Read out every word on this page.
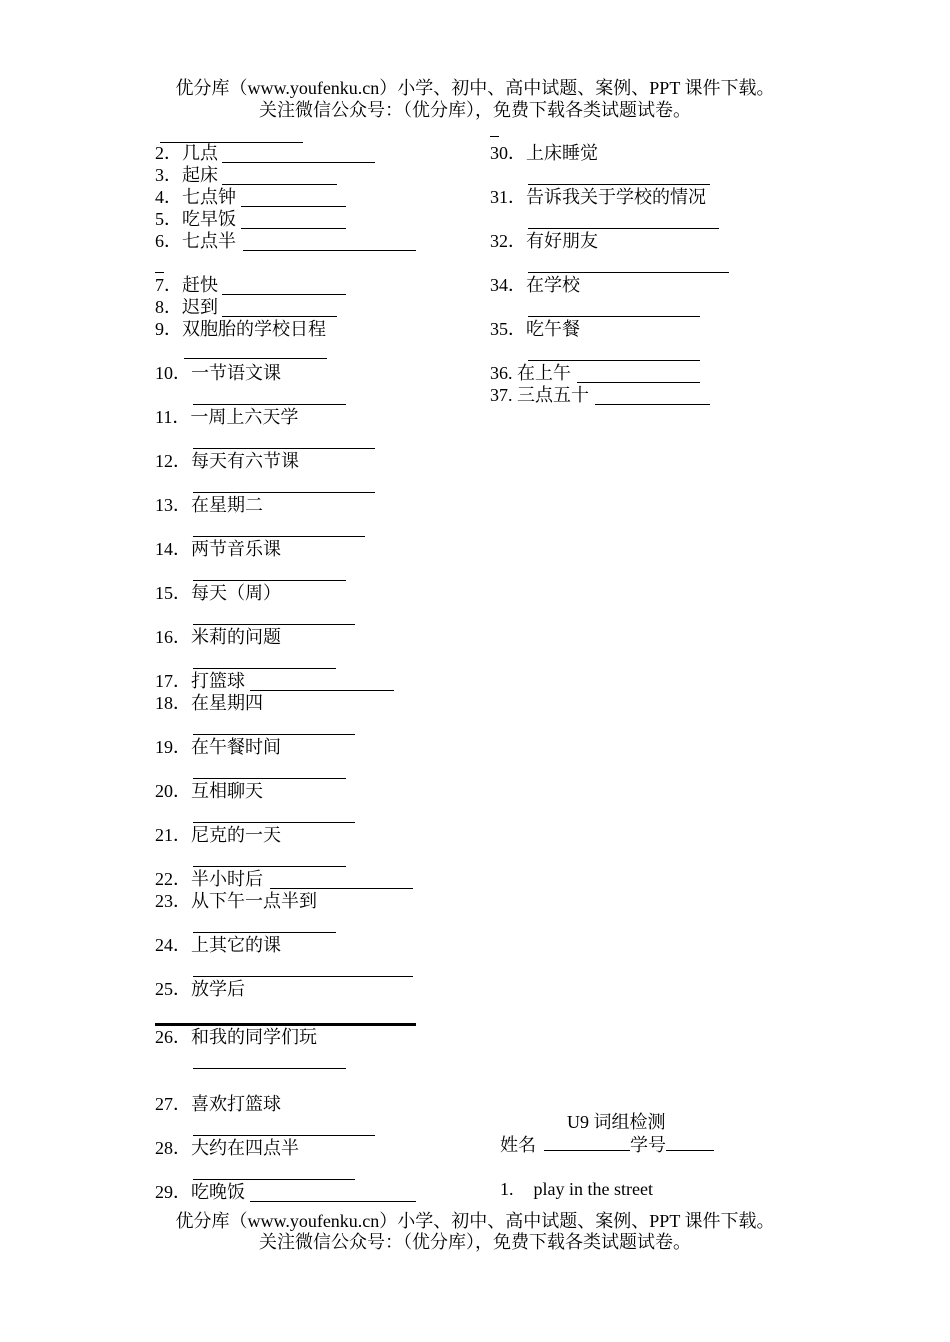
优分库（www.youfenku.cn）小学、初中、高中试题、案例、PPT 课件下载。
关注微信公众号：（优分库），免费下载各类试题试卷。
2．几点
3．起床
4．七点钟
5．吃早饭
6．七点半
7．赶快
8．迟到
9．双胞胎的学校日程
10．一节语文课
11．一周上六天学
12．每天有六节课
13．在星期二
14．两节音乐课
15．每天（周）
16．米莉的问题
17．打篮球
18．在星期四
19．在午餐时间
20．互相聊天
21．尼克的一天
22．半小时后
23．从下午一点半到
24．上其它的课
25．放学后
26．和我的同学们玩
27．喜欢打篮球
28．大约在四点半
29．吃晚饭
30．上床睡觉
31．告诉我关于学校的情况
32．有好朋友
34．在学校
35．吃午餐
36. 在上午
37. 三点五十
U9 词组检测
姓名	学号
1. play in the street
优分库（www.youfenku.cn）小学、初中、高中试题、案例、PPT 课件下载。
关注微信公众号：（优分库），免费下载各类试题试卷。
